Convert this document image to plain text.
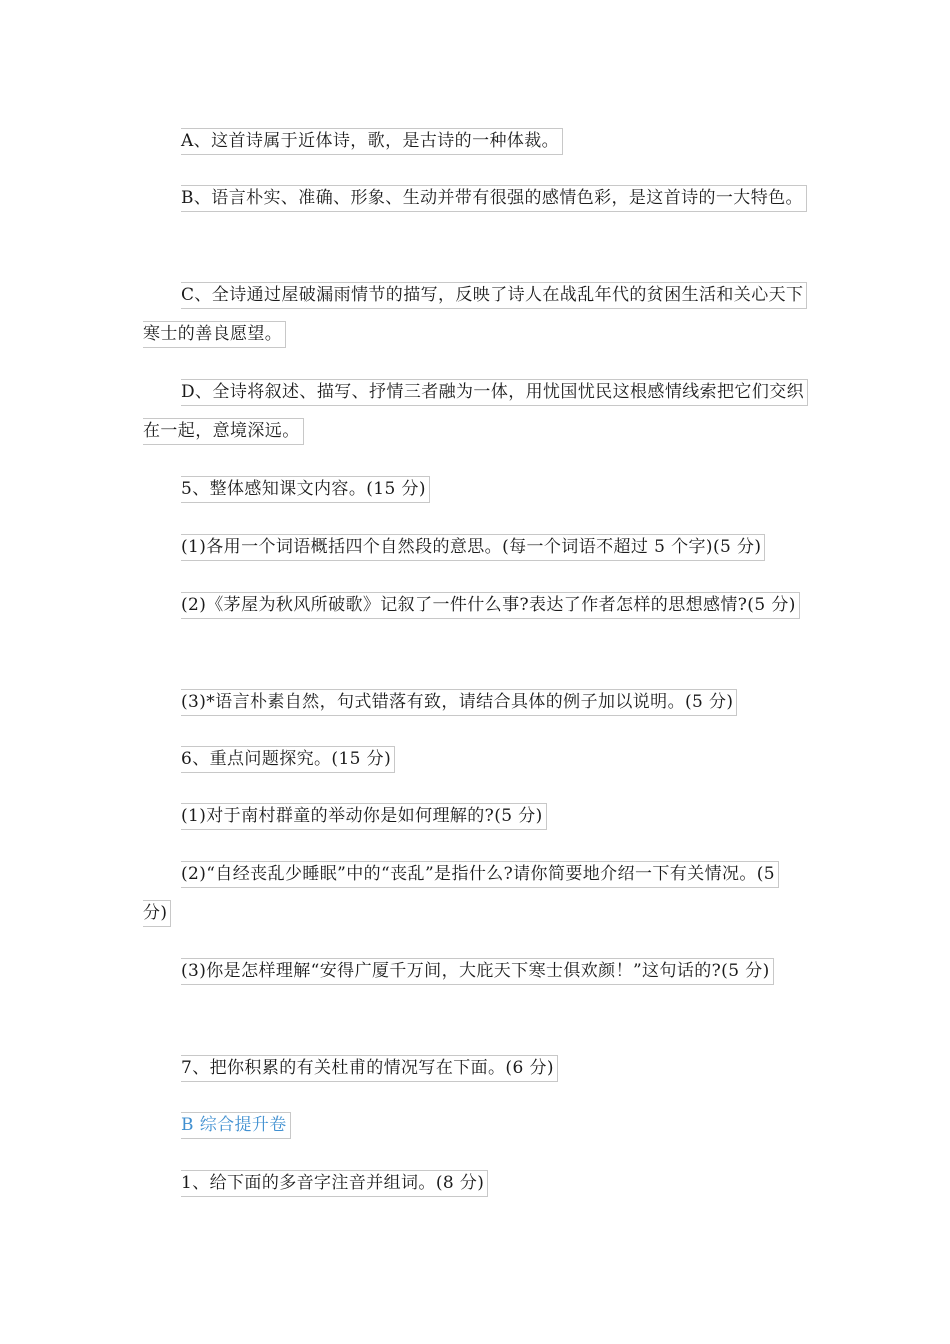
A、这首诗属于近体诗，歌，是古诗的一种体裁。

B、语言朴实、准确、形象、生动并带有很强的感情色彩，是这首诗的一大特色。

C、全诗通过屋破漏雨情节的描写，反映了诗人在战乱年代的贫困生活和关心天下寒士的善良愿望。

D、全诗将叙述、描写、抒情三者融为一体，用忧国忧民这根感情线索把它们交织在一起，意境深远。

5、整体感知课文内容。(15 分)

(1)各用一个词语概括四个自然段的意思。(每一个词语不超过 5 个字)(5 分)

(2)《茅屋为秋风所破歌》记叙了一件什么事?表达了作者怎样的思想感情?(5 分)

(3)*语言朴素自然，句式错落有致，请结合具体的例子加以说明。(5 分)

6、重点问题探究。(15 分)

(1)对于南村群童的举动你是如何理解的?(5 分)

(2)“自经丧乱少睡眠”中的“丧乱”是指什么?请你简要地介绍一下有关情况。(5 分)

(3)你是怎样理解“安得广厦千万间，大庇天下寒士俱欢颜！”这句话的?(5 分)

7、把你积累的有关杜甫的情况写在下面。(6 分)

B 综合提升卷

1、给下面的多音字注音并组词。(8 分)
